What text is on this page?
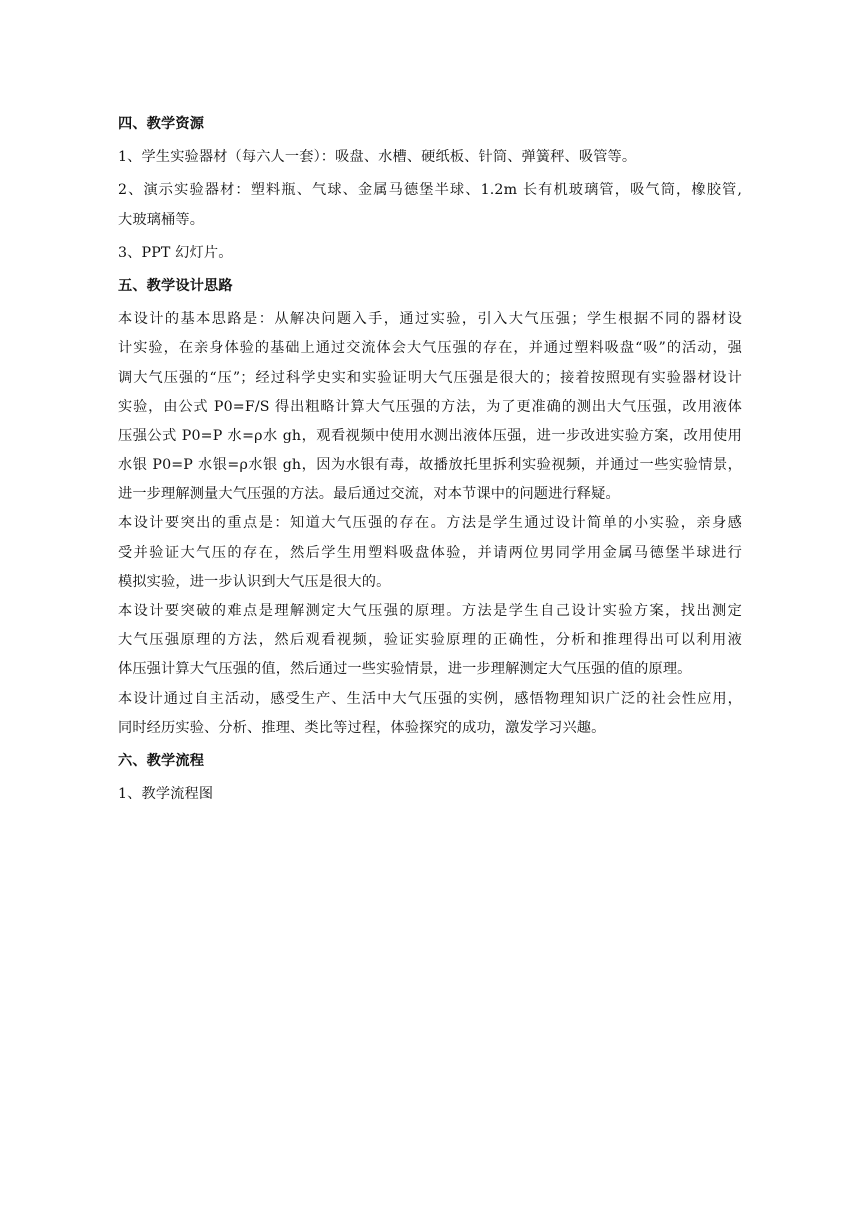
四、教学资源
1、学生实验器材（每六人一套）：吸盘、水槽、硬纸板、针筒、弹簧秤、吸管等。
2、演示实验器材：塑料瓶、气球、金属马德堡半球、1.2m 长有机玻璃管，吸气筒，橡胶管,
大玻璃桶等。
3、PPT 幻灯片。
五、教学设计思路
本设计的基本思路是：从解决问题入手，通过实验，引入大气压强；学生根据不同的器材设
计实验，在亲身体验的基础上通过交流体会大气压强的存在，并通过塑料吸盘“吸”的活动，强
调大气压强的“压”；经过科学史实和实验证明大气压强是很大的；接着按照现有实验器材设计
实验，由公式 P0=F/S 得出粗略计算大气压强的方法，为了更准确的测出大气压强，改用液体
压强公式 P0=P 水=ρ水 gh，观看视频中使用水测出液体压强，进一步改进实验方案，改用使用
水银 P0=P 水银=ρ水银 gh，因为水银有毒，故播放托里拆利实验视频，并通过一些实验情景，
进一步理解测量大气压强的方法。最后通过交流，对本节课中的问题进行释疑。
本设计要突出的重点是：知道大气压强的存在。方法是学生通过设计简单的小实验，亲身感
受并验证大气压的存在，然后学生用塑料吸盘体验，并请两位男同学用金属马德堡半球进行
模拟实验，进一步认识到大气压是很大的。
本设计要突破的难点是理解测定大气压强的原理。方法是学生自己设计实验方案，找出测定
大气压强原理的方法，然后观看视频，验证实验原理的正确性，分析和推理得出可以利用液
体压强计算大气压强的值，然后通过一些实验情景，进一步理解测定大气压强的值的原理。
本设计通过自主活动，感受生产、生活中大气压强的实例，感悟物理知识广泛的社会性应用，
同时经历实验、分析、推理、类比等过程，体验探究的成功，激发学习兴趣。
六、教学流程
1、教学流程图
